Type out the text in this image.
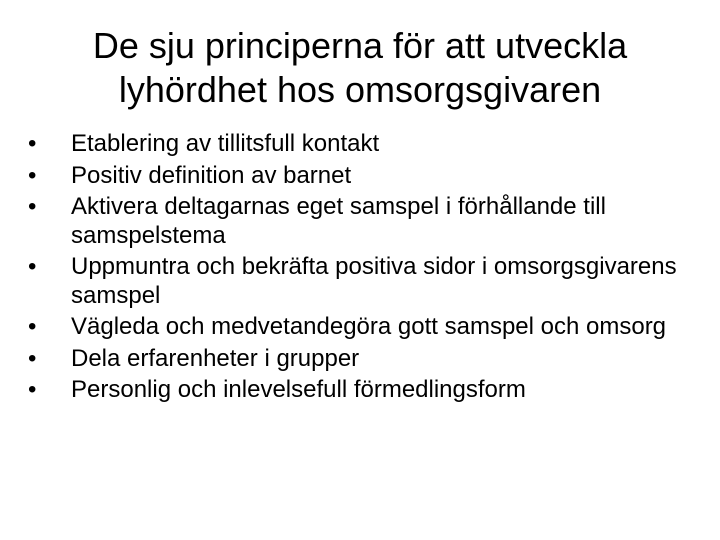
De sju principerna för att utveckla
lyhördhet hos omsorgsgivaren
•	Etablering av tillitsfull kontakt
•	Positiv definition av barnet
•	Aktivera deltagarnas eget samspel i förhållande till samspelstema
•	Uppmuntra och bekräfta positiva sidor i omsorgsgivarens samspel
•	Vägleda och medvetandegöra gott samspel och omsorg
•	Dela erfarenheter i grupper
•	Personlig och inlevelsefull förmedlingsform
